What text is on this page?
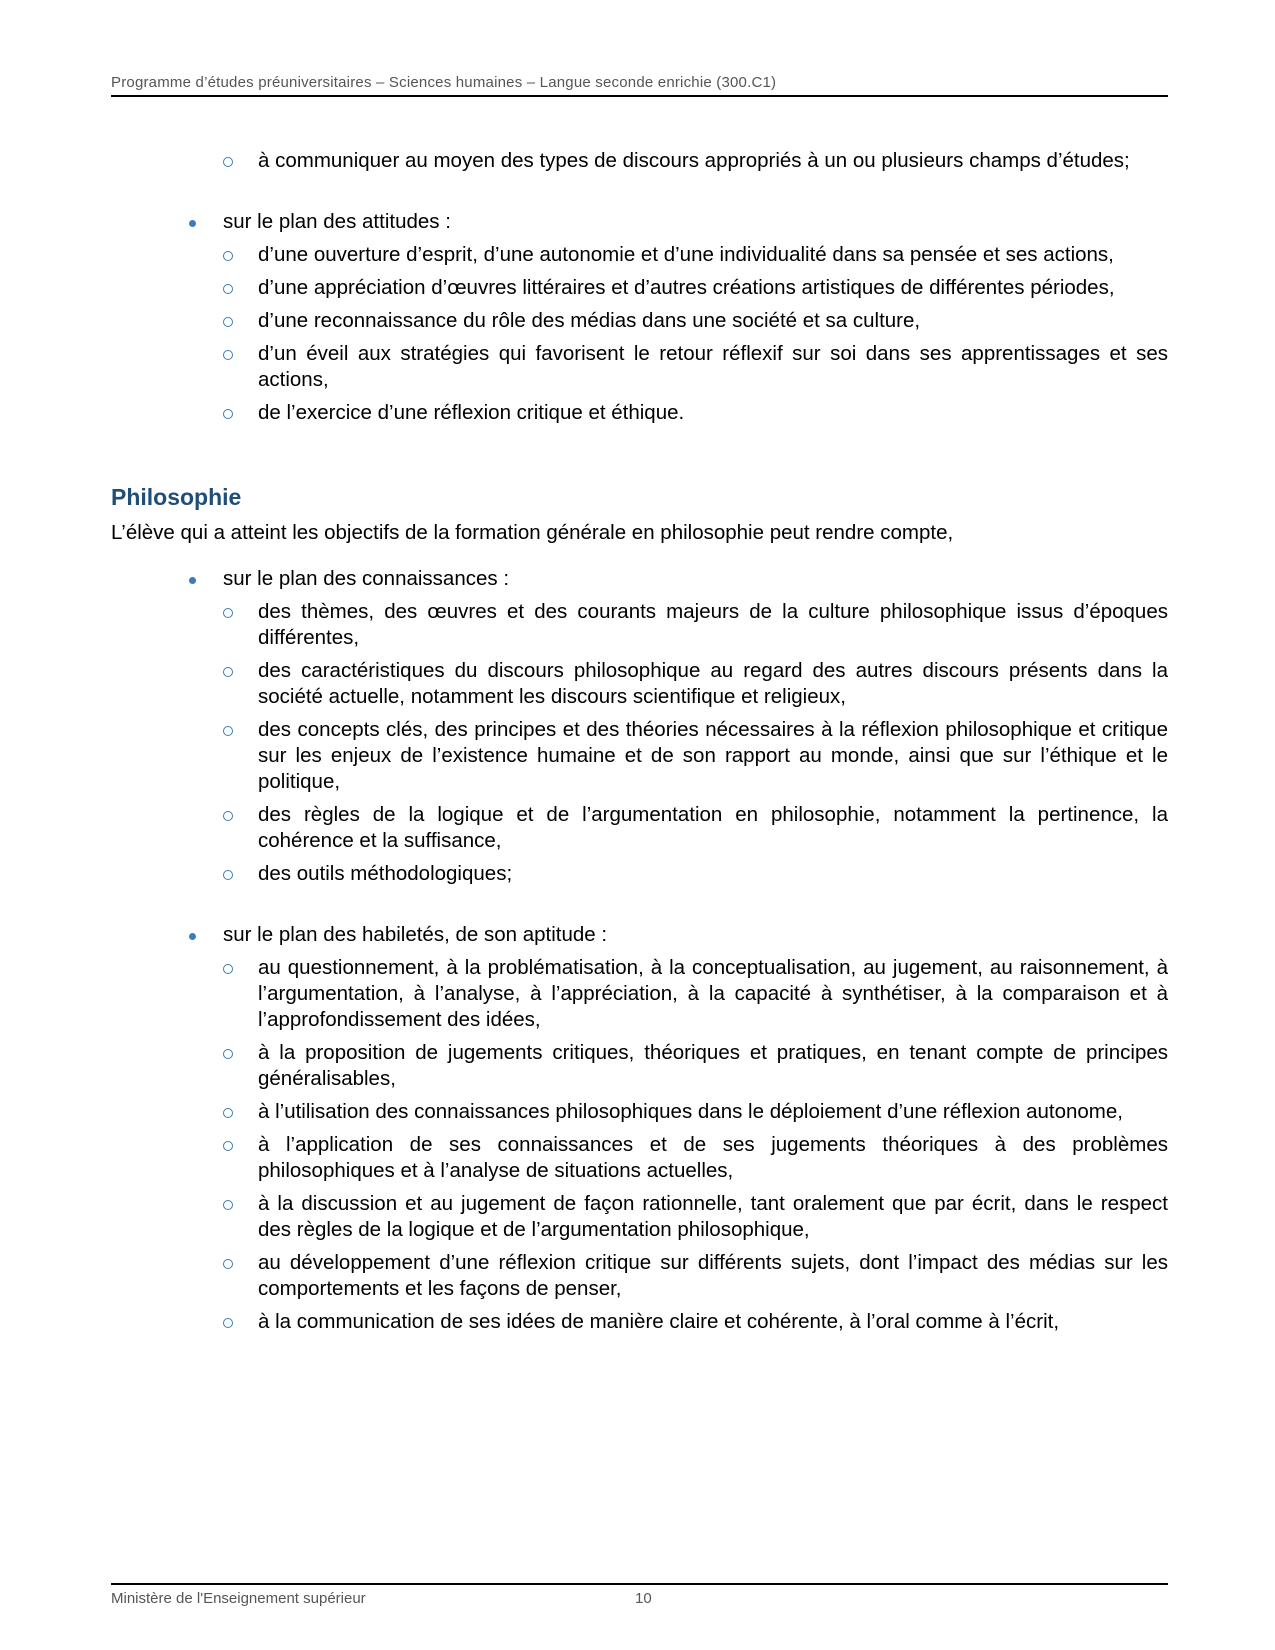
Programme d’études préuniversitaires – Sciences humaines – Langue seconde enrichie (300.C1)
à communiquer au moyen des types de discours appropriés à un ou plusieurs champs d’études;
sur le plan des attitudes :
d’une ouverture d’esprit, d’une autonomie et d’une individualité dans sa pensée et ses actions,
d’une appréciation d’œuvres littéraires et d’autres créations artistiques de différentes périodes,
d’une reconnaissance du rôle des médias dans une société et sa culture,
d’un éveil aux stratégies qui favorisent le retour réflexif sur soi dans ses apprentissages et ses actions,
de l’exercice d’une réflexion critique et éthique.
Philosophie

L’élève qui a atteint les objectifs de la formation générale en philosophie peut rendre compte,

sur le plan des connaissances :
des thèmes, des œuvres et des courants majeurs de la culture philosophique issus d’époques différentes,
des caractéristiques du discours philosophique au regard des autres discours présents dans la société actuelle, notamment les discours scientifique et religieux,
des concepts clés, des principes et des théories nécessaires à la réflexion philosophique et critique sur les enjeux de l’existence humaine et de son rapport au monde, ainsi que sur l’éthique et le politique,
des règles de la logique et de l’argumentation en philosophie, notamment la pertinence, la cohérence et la suffisance,
des outils méthodologiques;
sur le plan des habiletés, de son aptitude :
au questionnement, à la problématisation, à la conceptualisation, au jugement, au raisonnement, à l’argumentation, à l’analyse, à l’appréciation, à la capacité à synthétiser, à la comparaison et à l’approfondissement des idées,
à la proposition de jugements critiques, théoriques et pratiques, en tenant compte de principes généralisables,
à l’utilisation des connaissances philosophiques dans le déploiement d’une réflexion autonome,
à l’application de ses connaissances et de ses jugements théoriques à des problèmes philosophiques et à l’analyse de situations actuelles,
à la discussion et au jugement de façon rationnelle, tant oralement que par écrit, dans le respect des règles de la logique et de l’argumentation philosophique,
au développement d’une réflexion critique sur différents sujets, dont l’impact des médias sur les comportements et les façons de penser,
à la communication de ses idées de manière claire et cohérente, à l’oral comme à l’écrit,
Ministère de l'Enseignement supérieur	10
